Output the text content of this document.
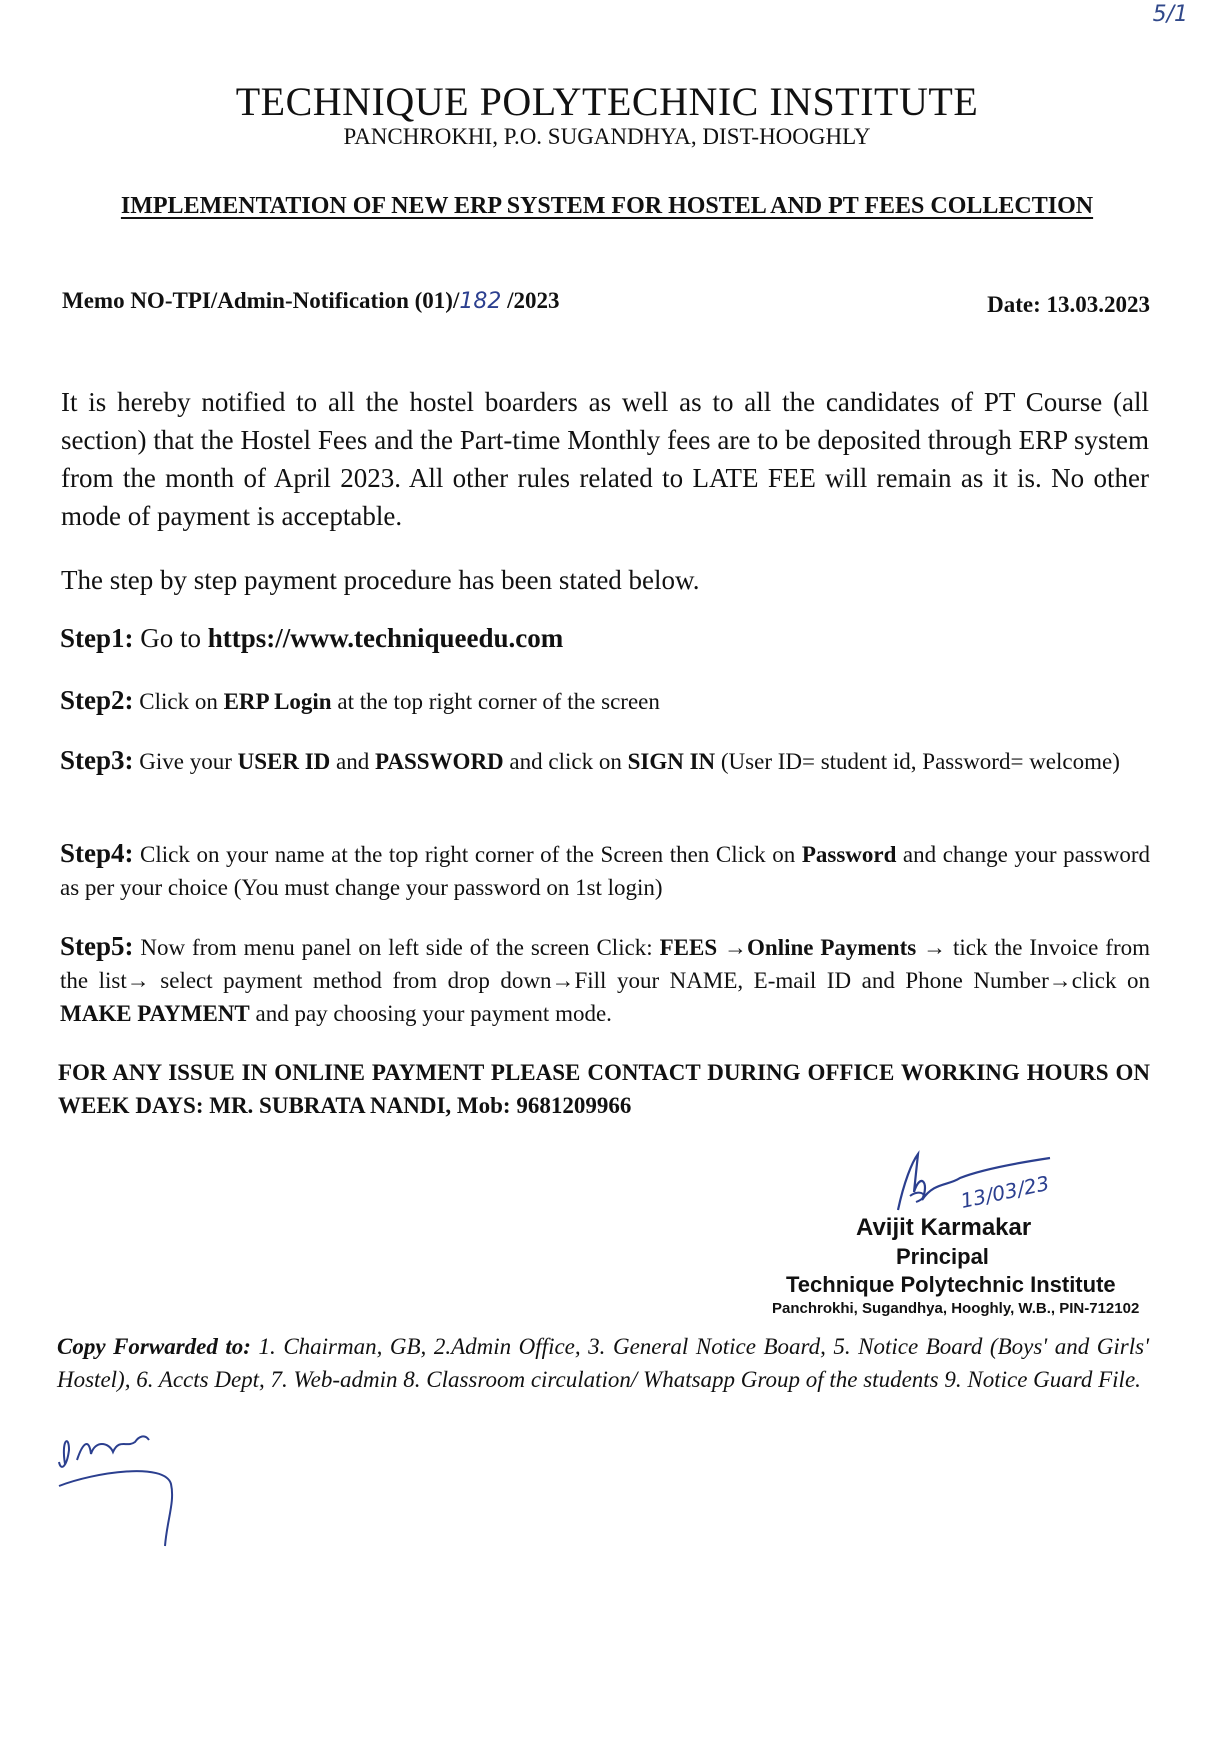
5/1
TECHNIQUE POLYTECHNIC INSTITUTE
PANCHROKHI, P.O. SUGANDHYA, DIST-HOOGHLY
IMPLEMENTATION OF NEW ERP SYSTEM FOR HOSTEL AND PT FEES COLLECTION
Memo NO-TPI/Admin-Notification (01)/182 /2023	Date: 13.03.2023
It is hereby notified to all the hostel boarders as well as to all the candidates of PT Course (all section) that the Hostel Fees and the Part-time Monthly fees are to be deposited through ERP system from the month of April 2023. All other rules related to LATE FEE will remain as it is. No other mode of payment is acceptable.
The step by step payment procedure has been stated below.
Step1: Go to https://www.techniqueedu.com
Step2: Click on ERP Login at the top right corner of the screen
Step3: Give your USER ID and PASSWORD and click on SIGN IN (User ID= student id, Password= welcome)
Step4: Click on your name at the top right corner of the Screen then Click on Password and change your password as per your choice (You must change your password on 1st login)
Step5: Now from menu panel on left side of the screen Click: FEES →Online Payments → tick the Invoice from the list→ select payment method from drop down→Fill your NAME, E-mail ID and Phone Number→click on MAKE PAYMENT and pay choosing your payment mode.
FOR ANY ISSUE IN ONLINE PAYMENT PLEASE CONTACT DURING OFFICE WORKING HOURS ON WEEK DAYS: MR. SUBRATA NANDI, Mob: 9681209966
13/03/23
Avijit Karmakar
Principal
Technique Polytechnic Institute
Panchrokhi, Sugandhya, Hooghly, W.B., PIN-712102
Copy Forwarded to: 1. Chairman, GB, 2.Admin Office, 3. General Notice Board, 5. Notice Board (Boys' and Girls' Hostel), 6. Accts Dept, 7. Web-admin 8. Classroom circulation/ Whatsapp Group of the students 9. Notice Guard File.
